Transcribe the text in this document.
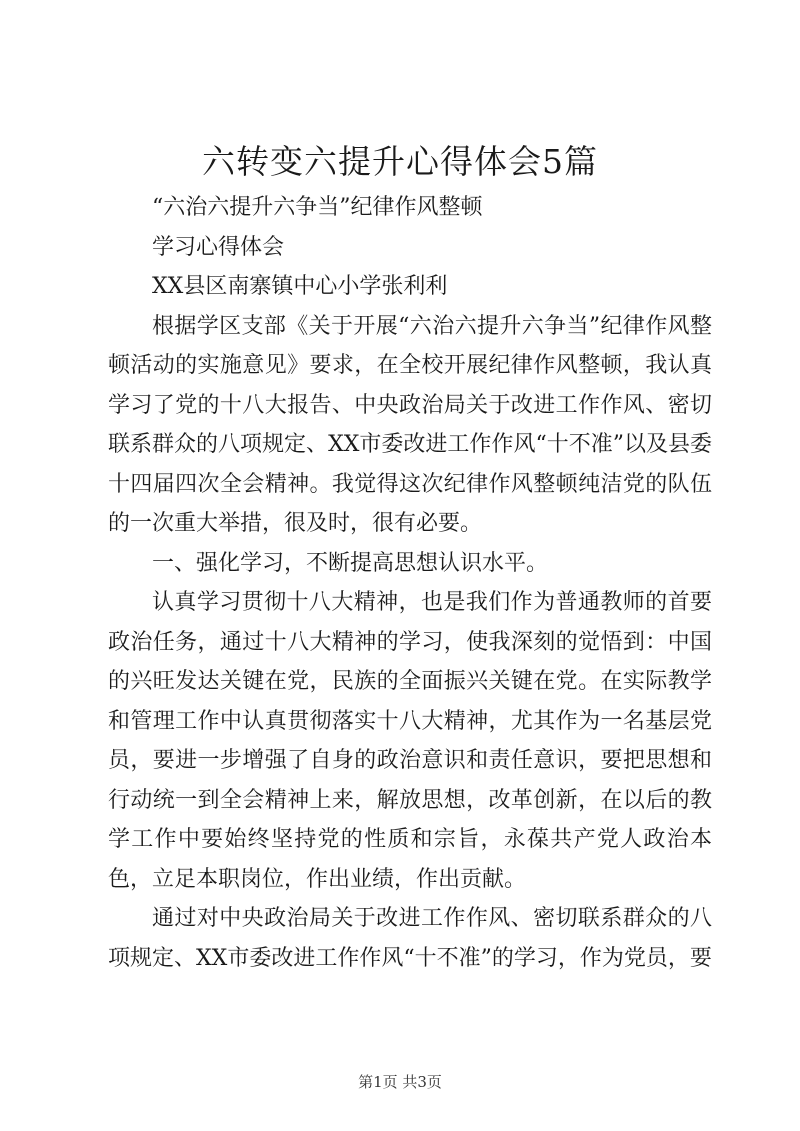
六转变六提升心得体会5篇

“六治六提升六争当”纪律作风整顿

学习心得体会

XX县区南寨镇中心小学张利利

根据学区支部《关于开展“六治六提升六争当”纪律作风整顿活动的实施意见》要求，在全校开展纪律作风整顿，我认真学习了党的十八大报告、中央政治局关于改进工作作风、密切联系群众的八项规定、XX市委改进工作作风“十不准”以及县委十四届四次全会精神。我觉得这次纪律作风整顿纯洁党的队伍的一次重大举措，很及时，很有必要。

一、强化学习，不断提高思想认识水平。

认真学习贯彻十八大精神，也是我们作为普通教师的首要政治任务，通过十八大精神的学习，使我深刻的觉悟到：中国的兴旺发达关键在党，民族的全面振兴关键在党。在实际教学和管理工作中认真贯彻落实十八大精神，尤其作为一名基层党员，要进一步增强了自身的政治意识和责任意识，要把思想和行动统一到全会精神上来，解放思想，改革创新，在以后的教学工作中要始终坚持党的性质和宗旨，永葆共产党人政治本色，立足本职岗位，作出业绩，作出贡献。

通过对中央政治局关于改进工作作风、密切联系群众的八项规定、XX市委改进工作作风“十不准”的学习，作为党员，要

第1页 共3页
